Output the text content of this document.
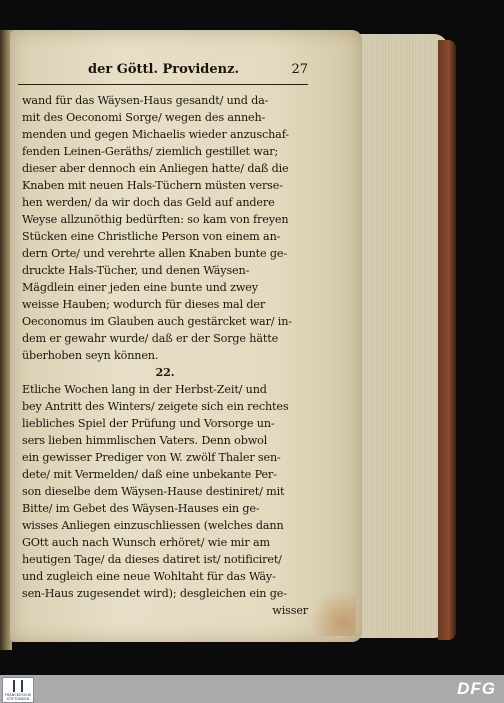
der Göttl. Providenz.	27
wand für das Wäysen-Haus gesandt/ und da-
mit des Oeconomi Sorge/ wegen des anneh-
menden und gegen Michaelis wieder anzuschaf-
fenden Leinen-Geräths/ ziemlich gestillet war;
dieser aber dennoch ein Anliegen hatte/ daß die
Knaben mit neuen Hals-Tüchern müsten verse-
hen werden/ da wir doch das Geld auf andere
Weyse allzunöthig bedürften: so kam von freyen
Stücken eine Christliche Person von einem an-
dern Orte/ und verehrte allen Knaben bunte ge-
druckte Hals-Tücher, und denen Wäysen-
Mägdlein einer jeden eine bunte und zwey
weisse Hauben; wodurch für dieses mal der
Oeconomus im Glauben auch gestärcket war/ in-
dem er gewahr wurde/ daß er der Sorge hätte
überhoben seyn können.
22.
Etliche Wochen lang in der Herbst-Zeit/ und
bey Antritt des Winters/ zeigete sich ein rechtes
liebliches Spiel der Prüfung und Vorsorge un-
sers lieben himmlischen Vaters. Denn obwol
ein gewisser Prediger von W. zwölf Thaler sen-
dete/ mit Vermelden/ daß eine unbekante Per-
son dieselbe dem Wäysen-Hause destiniret/ mit
Bitte/ im Gebet des Wäysen-Hauses ein ge-
wisses Anliegen einzuschliessen (welches dann
GOtt auch nach Wunsch erhöret/ wie mir am
heutigen Tage/ da dieses datiret ist/ notificiret/
und zugleich eine neue Wohltaht für das Wäy-
sen-Haus zugesendet wird); desgleichen ein ge-
wisser
FRANCKESCHE STIFTUNGEN
DFG
